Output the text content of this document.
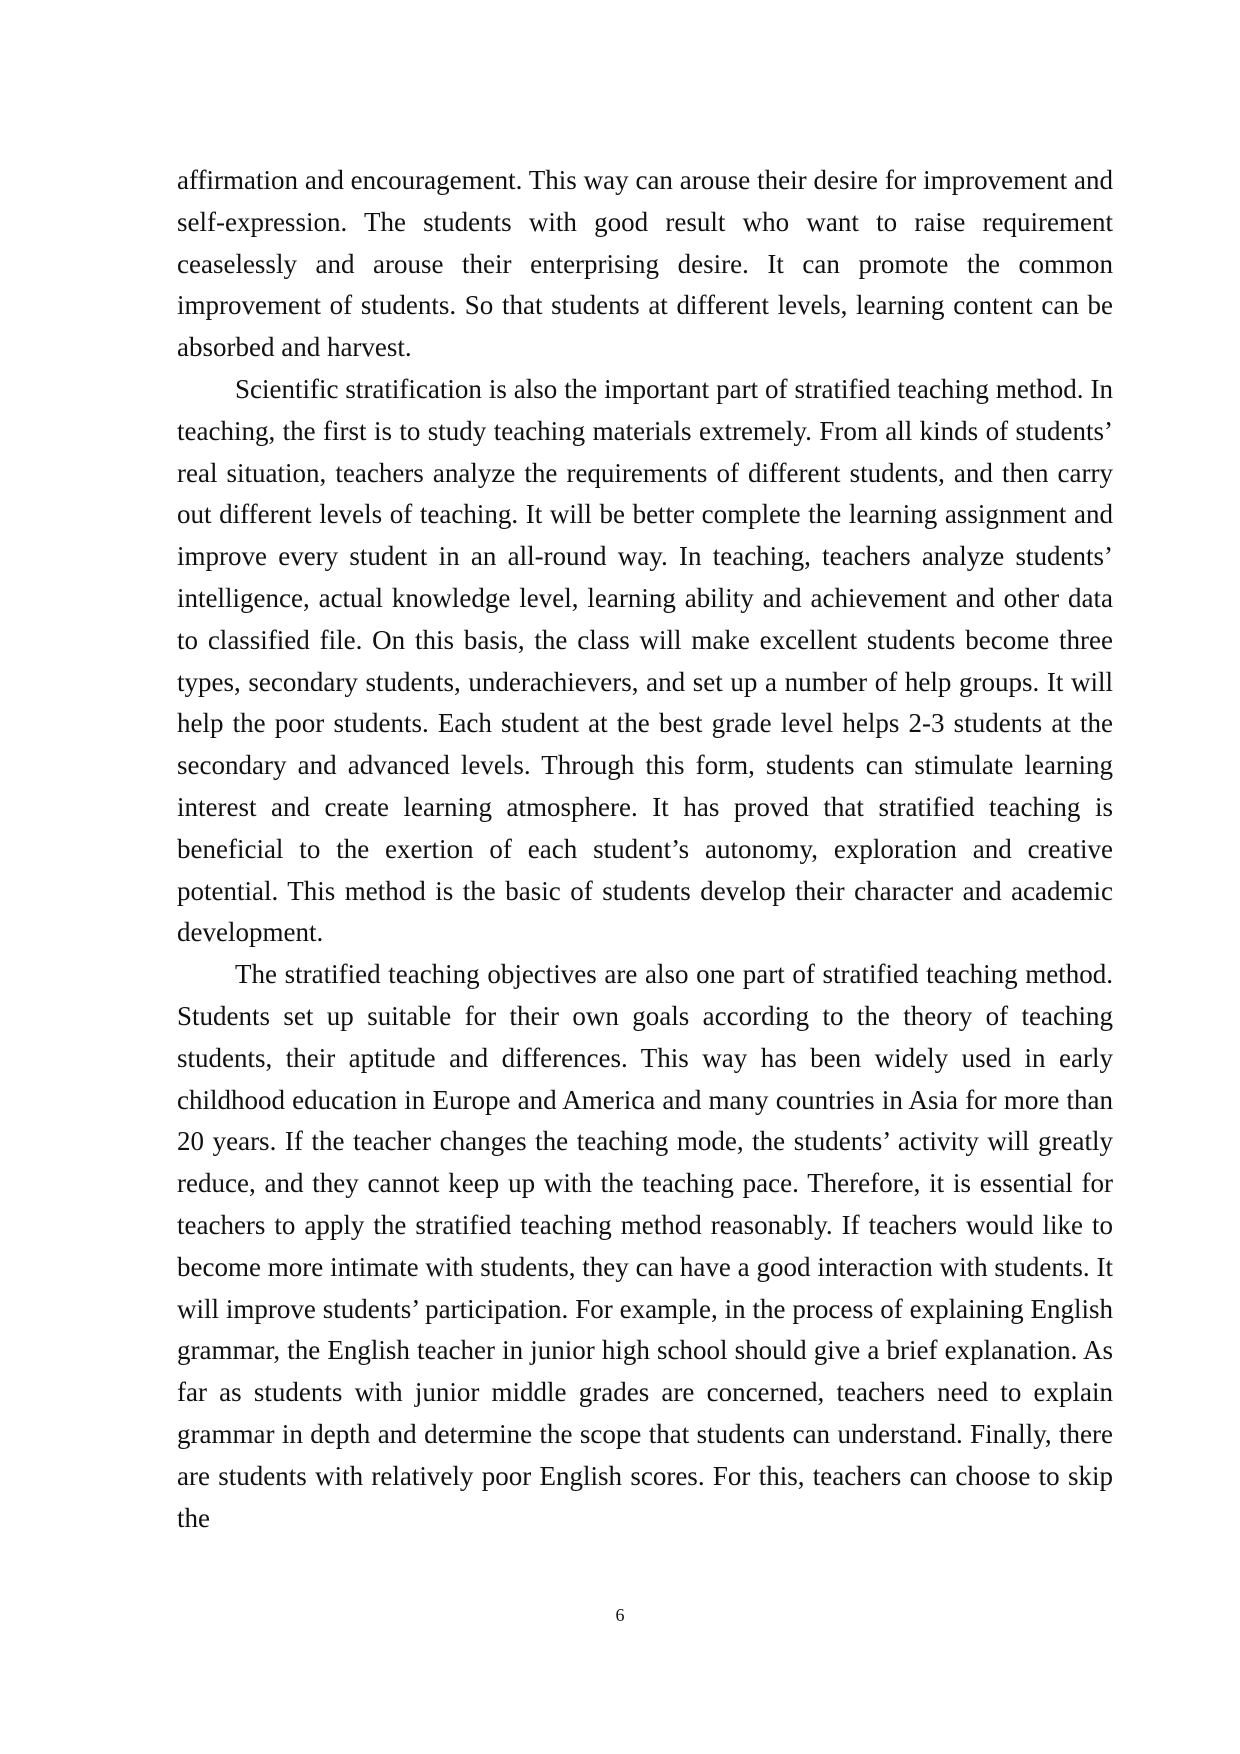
affirmation and encouragement. This way can arouse their desire for improvement and self-expression. The students with good result who want to raise requirement ceaselessly and arouse their enterprising desire. It can promote the common improvement of students. So that students at different levels, learning content can be absorbed and harvest.

Scientific stratification is also the important part of stratified teaching method. In teaching, the first is to study teaching materials extremely. From all kinds of students’ real situation, teachers analyze the requirements of different students, and then carry out different levels of teaching. It will be better complete the learning assignment and improve every student in an all-round way. In teaching, teachers analyze students’ intelligence, actual knowledge level, learning ability and achievement and other data to classified file. On this basis, the class will make excellent students become three types, secondary students, underachievers, and set up a number of help groups. It will help the poor students. Each student at the best grade level helps 2-3 students at the secondary and advanced levels. Through this form, students can stimulate learning interest and create learning atmosphere. It has proved that stratified teaching is beneficial to the exertion of each student’s autonomy, exploration and creative potential. This method is the basic of students develop their character and academic development.

The stratified teaching objectives are also one part of stratified teaching method. Students set up suitable for their own goals according to the theory of teaching students, their aptitude and differences. This way has been widely used in early childhood education in Europe and America and many countries in Asia for more than 20 years. If the teacher changes the teaching mode, the students’ activity will greatly reduce, and they cannot keep up with the teaching pace. Therefore, it is essential for teachers to apply the stratified teaching method reasonably. If teachers would like to become more intimate with students, they can have a good interaction with students. It will improve students’ participation. For example, in the process of explaining English grammar, the English teacher in junior high school should give a brief explanation. As far as students with junior middle grades are concerned, teachers need to explain grammar in depth and determine the scope that students can understand. Finally, there are students with relatively poor English scores. For this, teachers can choose to skip the

6
